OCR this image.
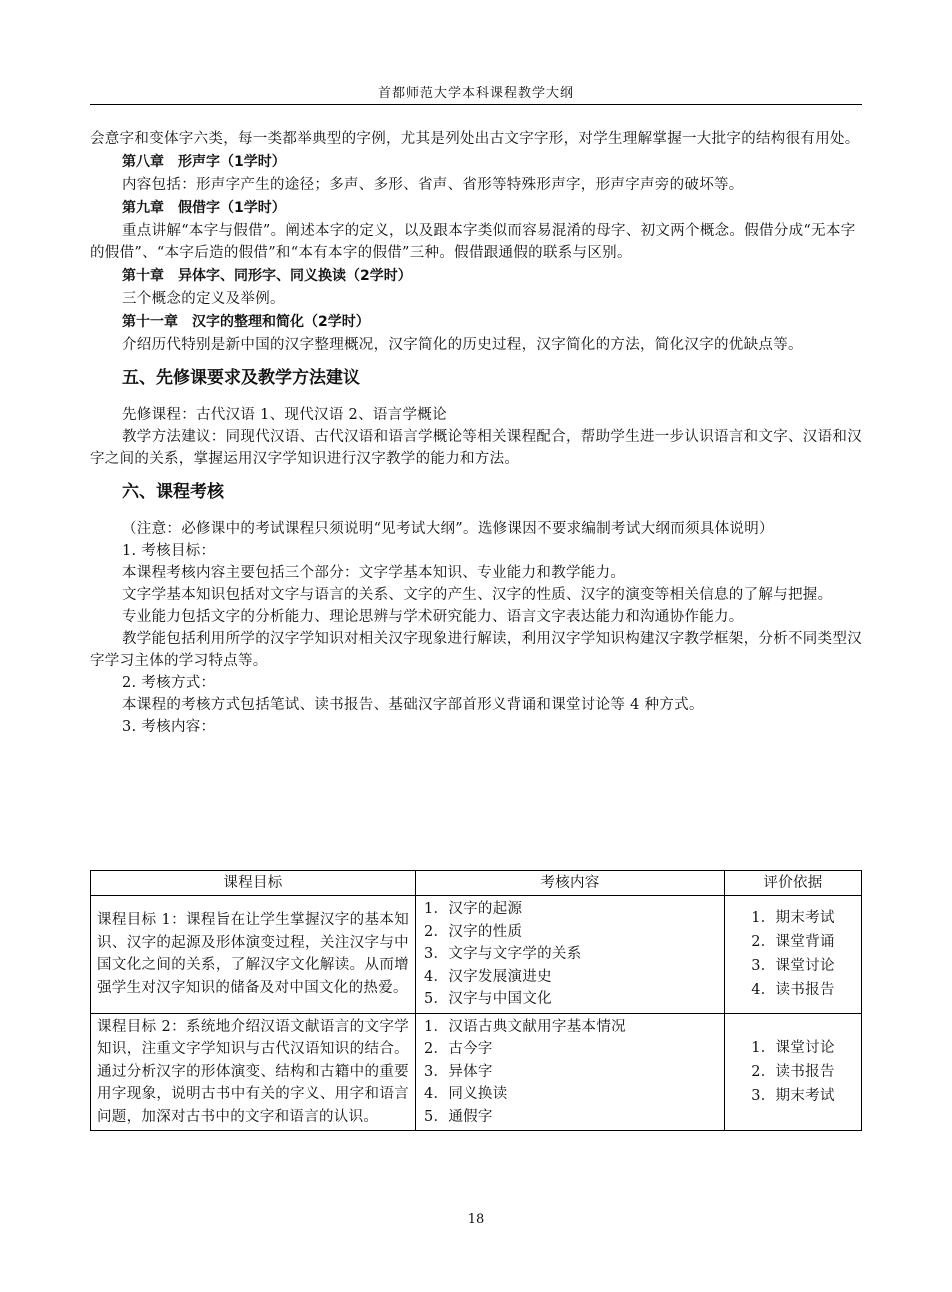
首都师范大学本科课程教学大纲

会意字和变体字六类，每一类都举典型的字例，尤其是列处出古文字字形，对学生理解掌握一大批字的结构很有用处。

第八章　形声字（1学时）

内容包括：形声字产生的途径；多声、多形、省声、省形等特殊形声字，形声字声旁的破坏等。

第九章　假借字（1学时）

重点讲解“本字与假借”。阐述本字的定义，以及跟本字类似而容易混淆的母字、初文两个概念。假借分成“无本字的假借”、“本字后造的假借”和“本有本字的假借”三种。假借跟通假的联系与区别。

第十章　异体字、同形字、同义换读（2学时）

三个概念的定义及举例。

第十一章　汉字的整理和简化（2学时）

介绍历代特别是新中国的汉字整理概况，汉字简化的历史过程，汉字简化的方法，简化汉字的优缺点等。

五、先修课要求及教学方法建议

先修课程：古代汉语 1、现代汉语 2、语言学概论

教学方法建议：同现代汉语、古代汉语和语言学概论等相关课程配合，帮助学生进一步认识语言和文字、汉语和汉字之间的关系，掌握运用汉字学知识进行汉字教学的能力和方法。

六、课程考核

（注意：必修课中的考试课程只须说明“见考试大纲”。选修课因不要求编制考试大纲而须具体说明）

1. 考核目标：

本课程考核内容主要包括三个部分：文字学基本知识、专业能力和教学能力。

文字学基本知识包括对文字与语言的关系、文字的产生、汉字的性质、汉字的演变等相关信息的了解与把握。

专业能力包括文字的分析能力、理论思辨与学术研究能力、语言文字表达能力和沟通协作能力。

教学能包括利用所学的汉字学知识对相关汉字现象进行解读，利用汉字学知识构建汉字教学框架，分析不同类型汉字学习主体的学习特点等。

2. 考核方式：

本课程的考核方式包括笔试、读书报告、基础汉字部首形义背诵和课堂讨论等 4 种方式。

3. 考核内容：

课程目标	考核内容	评价依据
课程目标 1：课程旨在让学生掌握汉字的基本知识、汉字的起源及形体演变过程，关注汉字与中国文化之间的关系，了解汉字文化解读。从而增强学生对汉字知识的储备及对中国文化的热爱。	1．汉字的起源
2．汉字的性质
3．文字与文字学的关系
4．汉字发展演进史
5．汉字与中国文化	1．期末考试
2．课堂背诵
3．课堂讨论
4．读书报告

课程目标 2：系统地介绍汉语文献语言的文字学知识，注重文字学知识与古代汉语知识的结合。通过分析汉字的形体演变、结构和古籍中的重要用字现象，说明古书中有关的字义、用字和语言问题，加深对古书中的文字和语言的认识。	1．汉语古典文献用字基本情况
2．古今字
3．异体字
4．同义换读
5．通假字	1．课堂讨论
2．读书报告
3．期末考试
18
